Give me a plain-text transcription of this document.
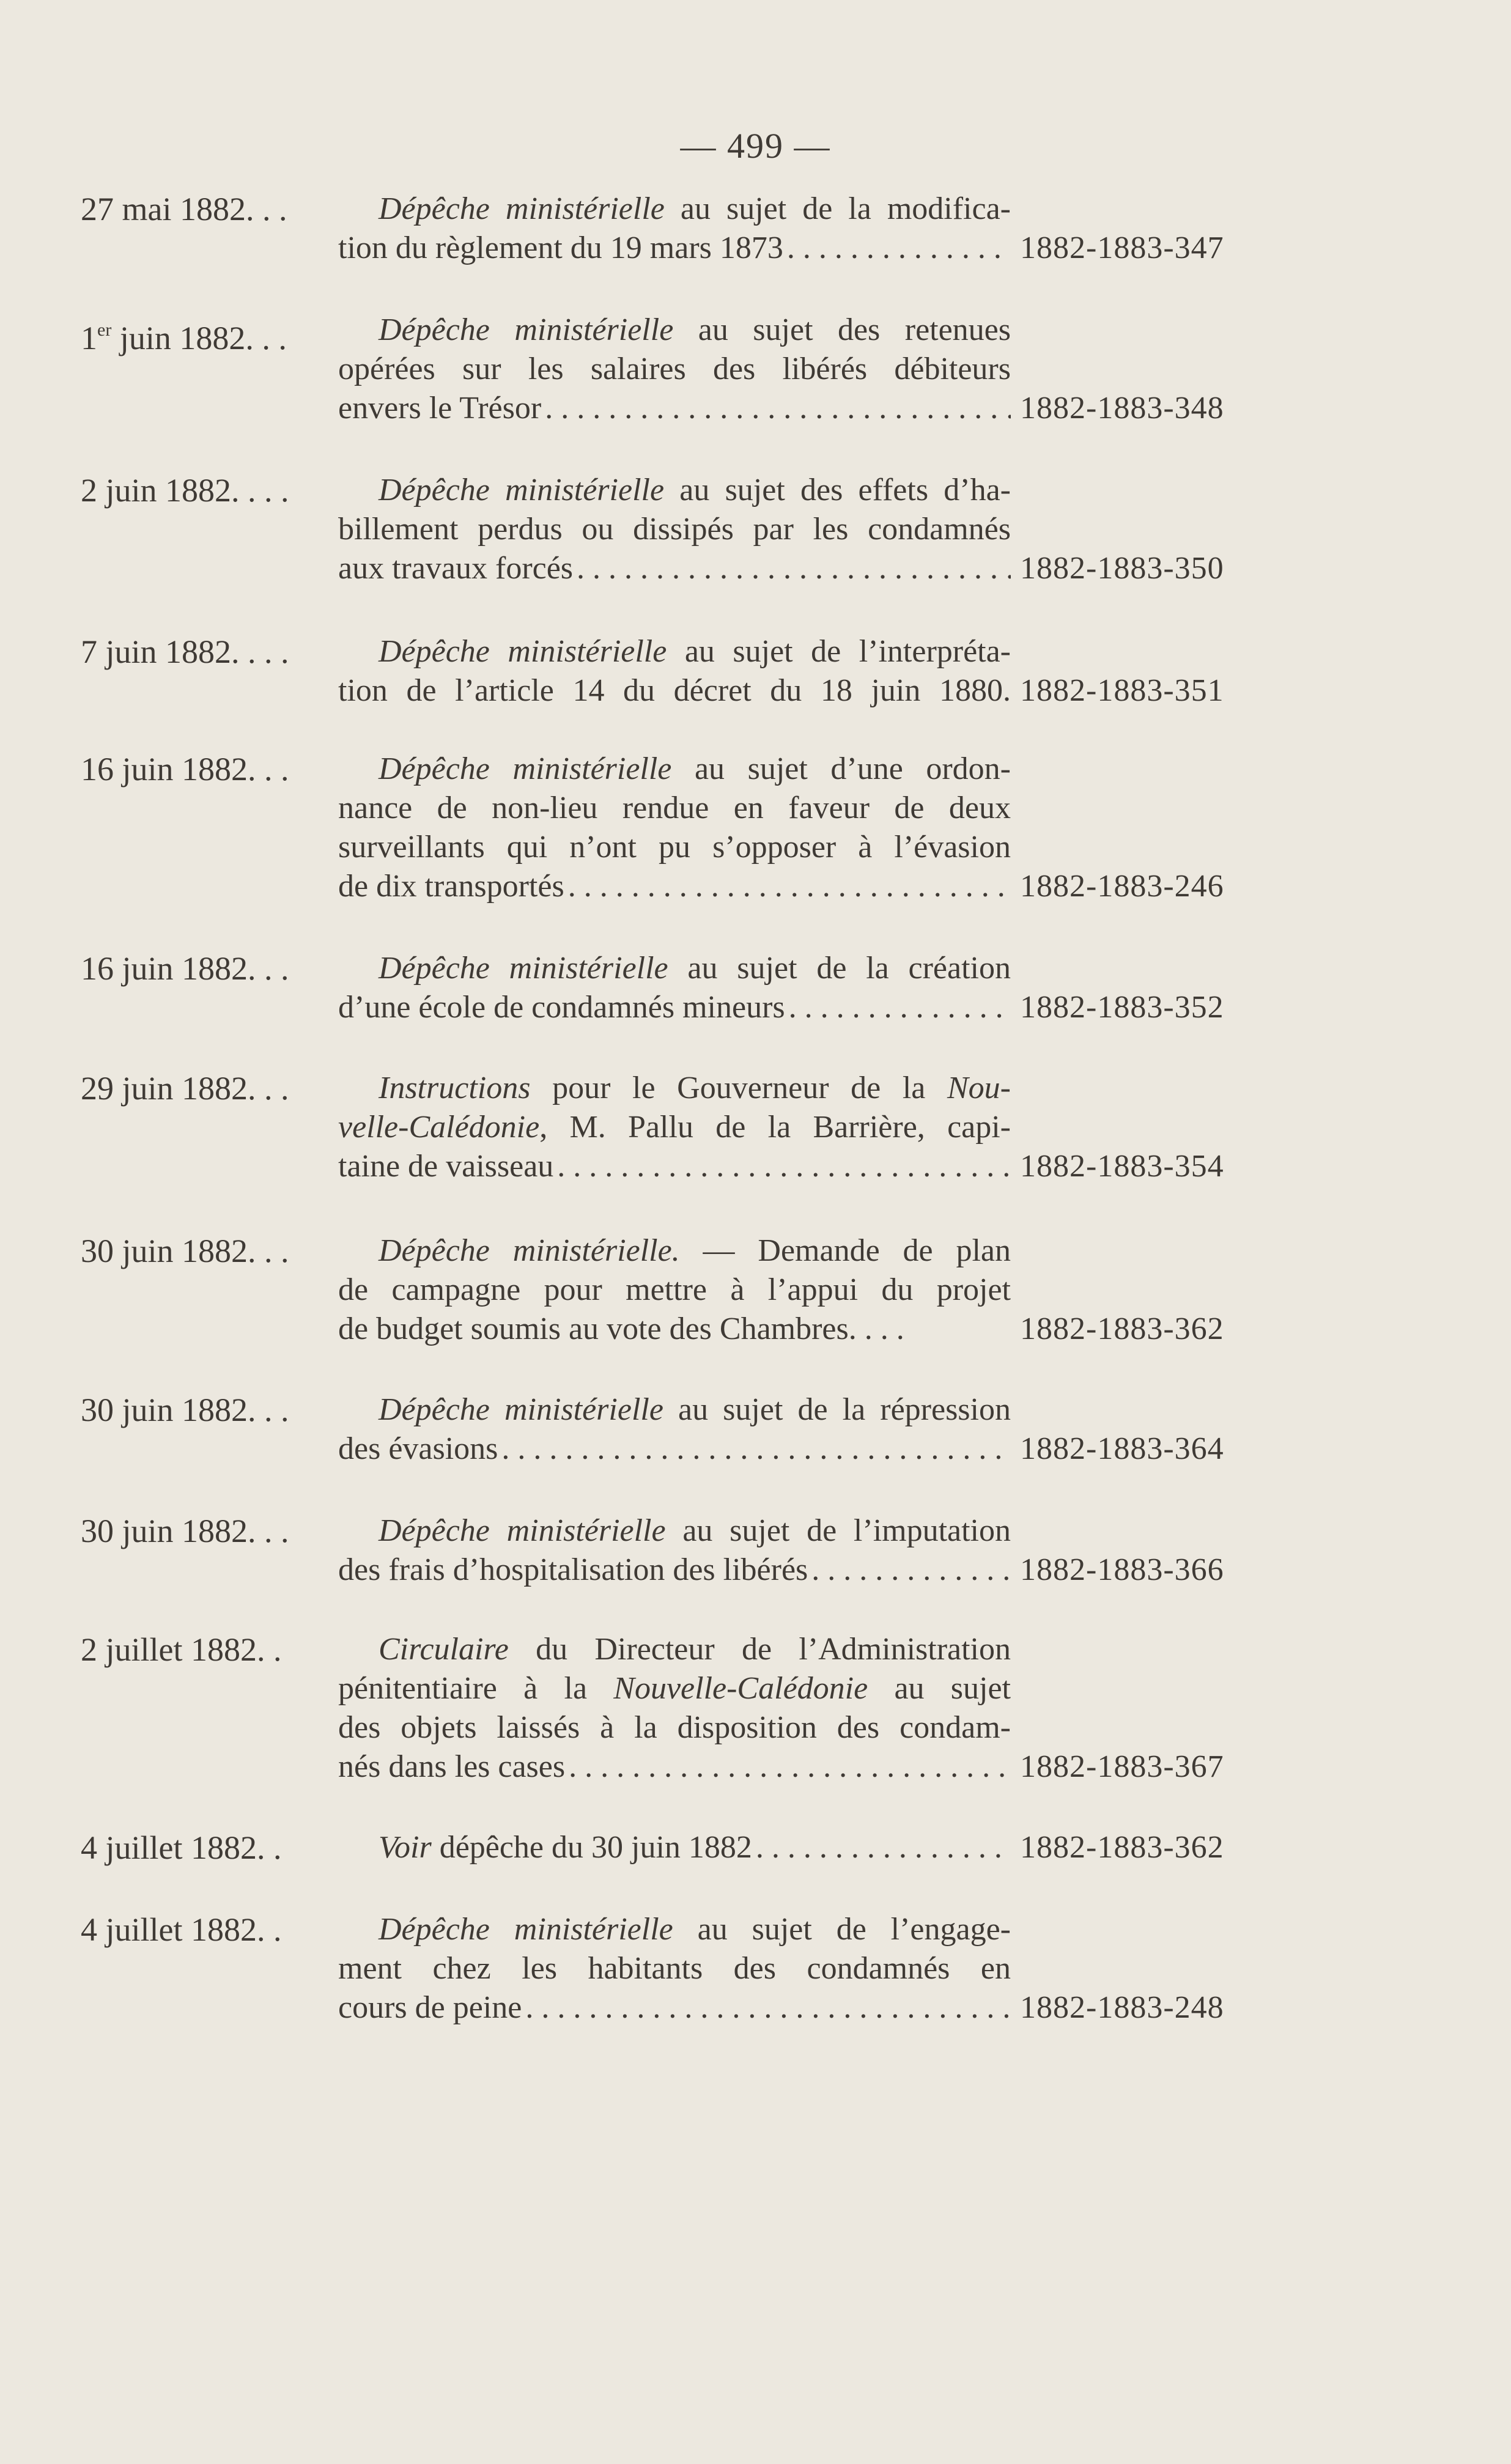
— 499 —
27 mai 1882. . .	Dépêche ministérielle au sujet de la modifica-
tion du règlement du 19 mars 1873 . . .	1882-1883-347
1er juin 1882. . .	Dépêche ministérielle au sujet des retenues
opérées sur les salaires des libérés débiteurs
envers le Trésor . . .	1882-1883-348
2 juin 1882. . . .	Dépêche ministérielle au sujet des effets d’ha-
billement perdus ou dissipés par les condamnés
aux travaux forcés . . .	1882-1883-350
7 juin 1882. . . .	Dépêche ministérielle au sujet de l’interpréta-
tion de l’article 14 du décret du 18 juin 1880. 1882-1883-351
16 juin 1882. . .	Dépêche ministérielle au sujet d’une ordon-
nance de non-lieu rendue en faveur de deux
surveillants qui n’ont pu s’opposer à l’évasion
de dix transportés . . .	1882-1883-246
16 juin 1882. . .	Dépêche ministérielle au sujet de la création
d’une école de condamnés mineurs . . .	1882-1883-352
29 juin 1882. . .	Instructions pour le Gouverneur de la Nou-
velle-Calédonie, M. Pallu de la Barrière, capi-
taine de vaisseau . . .	1882-1883-354
30 juin 1882. . .	Dépêche ministérielle. — Demande de plan
de campagne pour mettre à l’appui du projet
de budget soumis au vote des Chambres. . . .	1882-1883-362
30 juin 1882. . .	Dépêche ministérielle au sujet de la répression
des évasions . . .	1882-1883-364
30 juin 1882. . .	Dépêche ministérielle au sujet de l’imputation
des frais d’hospitalisation des libérés . . .	1882-1883-366
2 juillet 1882. .	Circulaire du Directeur de l’Administration
pénitentiaire à la Nouvelle-Calédonie au sujet
des objets laissés à la disposition des condam-
nés dans les cases . . .	1882-1883-367
4 juillet 1882. .	Voir dépêche du 30 juin 1882 . . .	1882-1883-362
4 juillet 1882. .	Dépêche ministérielle au sujet de l’engage-
ment chez les habitants des condamnés en
cours de peine . . .	1882-1883-248
